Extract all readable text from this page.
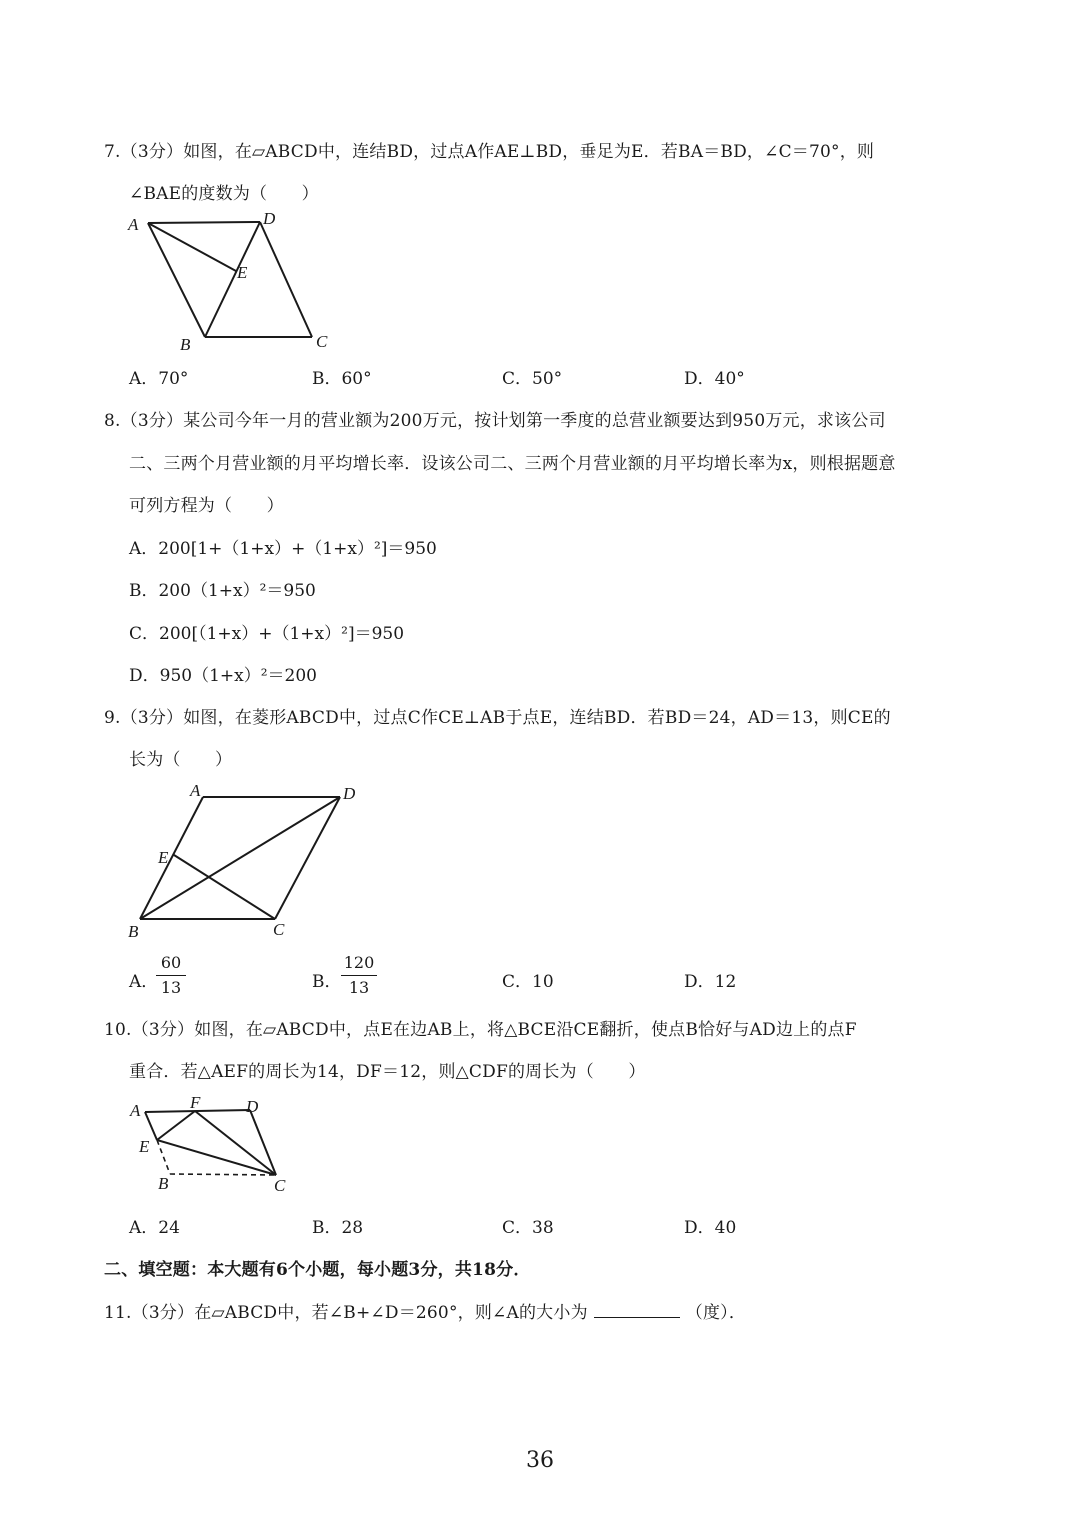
7.（3分）如图，在▱ABCD中，连结BD，过点A作AE⊥BD，垂足为E．若BA＝BD，∠C＝70°，则
∠BAE的度数为（　　）
A	D
E
B	C
A．70°	B．60°	C．50°	D．40°
8.（3分）某公司今年一月的营业额为200万元，按计划第一季度的总营业额要达到950万元，求该公司
二、三两个月营业额的月平均增长率．设该公司二、三两个月营业额的月平均增长率为x，则根据题意
可列方程为（　　）
A．200[1+（1+x）+（1+x）²]＝950
B．200（1+x）²＝950
C．200[（1+x）+（1+x）²]＝950
D．950（1+x）²＝200
9.（3分）如图，在菱形ABCD中，过点C作CE⊥AB于点E，连结BD．若BD＝24，AD＝13，则CE的
长为（　　）
A	D
E
B	C
A．
60
13	B．
120
13	C．10	D．12
10.（3分）如图，在▱ABCD中，点E在边AB上，将△BCE沿CE翻折，使点B恰好与AD边上的点F
重合．若△AEF的周长为14，DF＝12，则△CDF的周长为（　　）
A	F	D
E
B	C
A．24	B．28	C．38	D．40
二、填空题：本大题有6个小题，每小题3分，共18分．
11.（3分）在▱ABCD中，若∠B+∠D＝260°，则∠A的大小为	（度）．
36
